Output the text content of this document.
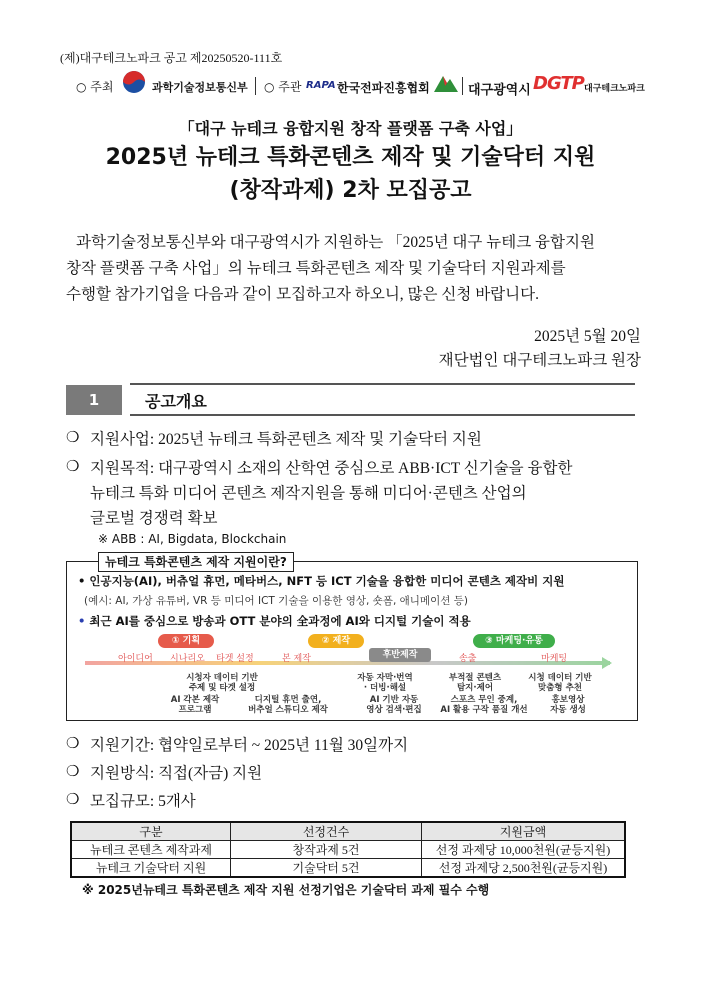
(제)대구테크노파크 공고 제20250520-111호
○ 주최	과학기술정보통신부 ○ 주관 RAPA 한국전파진흥협회	대구광역시 DGTP 대구테크노파크
「대구 뉴테크 융합지원 창작 플랫폼 구축 사업」
2025년 뉴테크 특화콘텐츠 제작 및 기술닥터 지원
(창작과제) 2차 모집공고
과학기술정보통신부와 대구광역시가 지원하는 「2025년 대구 뉴테크 융합지원
창작 플랫폼 구축 사업」의 뉴테크 특화콘텐츠 제작 및 기술닥터 지원과제를
수행할 참가기업을 다음과 같이 모집하고자 하오니, 많은 신청 바랍니다.
2025년 5월 20일
재단법인 대구테크노파크 원장
1	공고개요
❍ 지원사업: 2025년 뉴테크 특화콘텐츠 제작 및 기술닥터 지원
❍ 지원목적: 대구광역시 소재의 산학연 중심으로 ABB·ICT 신기술을 융합한
뉴테크 특화 미디어 콘텐츠 제작지원을 통해 미디어·콘텐츠 산업의
글로벌 경쟁력 확보
※ ABB : AI, Bigdata, Blockchain
뉴테크 특화콘텐츠 제작 지원이란?
• 인공지능(AI), 버츄얼 휴먼, 메타버스, NFT 등 ICT 기술을 융합한 미디어 콘텐츠 제작비 지원
(예시: AI, 가상 유튜버, VR 등 미디어 ICT 기술을 이용한 영상, 숏폼, 애니메이션 등)
• 최근 AI를 중심으로 방송과 OTT 분야의 全과정에 AI와 디지털 기술이 적용
① 기획	② 제작
후반제작
③ 마케팅·유통
아이디어 시나리오 타겟 설정	본 제작	송출	마케팅
시청자 데이터 기반
주제 및 타겟 설정
자동 자막·번역
· 더빙·해설
부적절 콘텐츠
탐지·제어
시청 데이터 기반
맞춤형 추천
AI 각본 제작
프로그램
디지털 휴먼 출연,
버추얼 스튜디오 제작
AI 기반 자동
영상 검색·편집
스포츠 무인 중계,
AI 활용 구작 품질 개선
홍보영상
자동 생성
❍ 지원기간: 협약일로부터 ~ 2025년 11월 30일까지
❍ 지원방식: 직접(자금) 지원
❍ 모집규모: 5개사
구분	선정건수	지원금액
뉴테크 콘텐츠 제작과제	창작과제 5건	선정 과제당 10,000천원(균등지원)
뉴테크 기술닥터 지원	기술닥터 5건	선정 과제당 2,500천원(균등지원)
※ 2025년뉴테크 특화콘텐츠 제작 지원 선정기업은 기술닥터 과제 필수 수행
